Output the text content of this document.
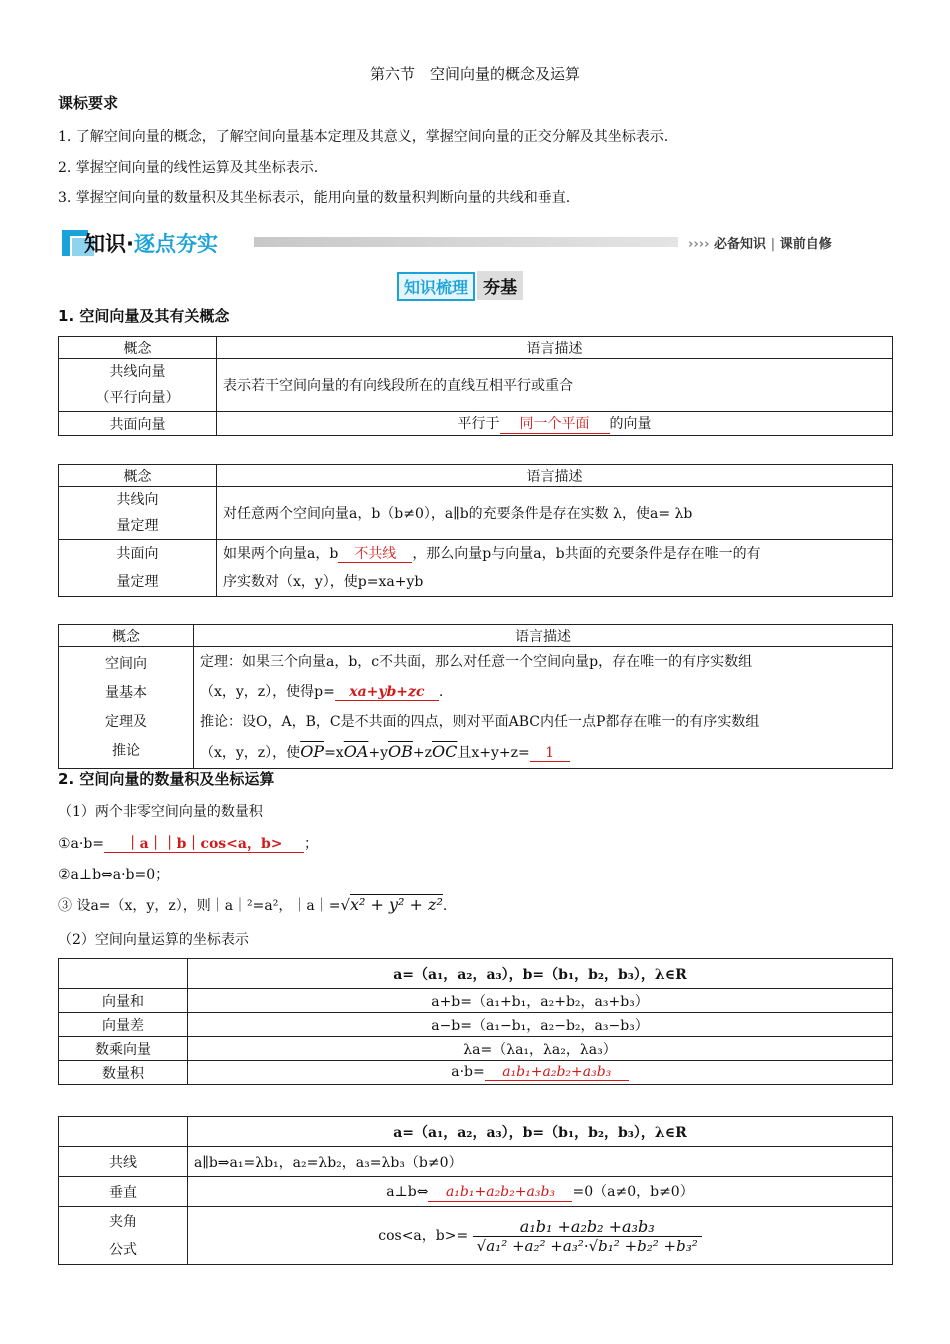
第六节　空间向量的概念及运算
课标要求
1. 了解空间向量的概念，了解空间向量基本定理及其意义，掌握空间向量的正交分解及其坐标表示.
2. 掌握空间向量的线性运算及其坐标表示.
3. 掌握空间向量的数量积及其坐标表示，能用向量的数量积判断向量的共线和垂直.
知识·逐点夯实	›››› 必备知识 | 课前自修
知识梳理 夯基
1. 空间向量及其有关概念
概念	语言描述
共线向量
（平行向量）	表示若干空间向量的有向线段所在的直线互相平行或重合
共面向量	平行于 同一个平面 的向量
概念	语言描述
共线向
量定理	对任意两个空间向量a，b（b≠0），a∥b的充要条件是存在实数 λ，使a= λb
共面向
量定理	如果两个向量a，b 不共线 ，那么向量p与向量a，b共面的充要条件是存在唯一的有
序实数对（x，y），使p=xa+yb
概念	语言描述
空间向
量基本
定理及
推论	定理：如果三个向量a，b，c不共面，那么对任意一个空间向量p，存在唯一的有序实数组
（x，y，z），使得p= xa+yb+zc .
推论：设O，A，B，C是不共面的四点，则对平面ABC内任一点P都存在唯一的有序实数组
（x，y，z），使$\overline{OP}=x\overline{OA}+y\overline{OB}+z\overline{OC}$且x+y+z= 1
2. 空间向量的数量积及坐标运算
（1）两个非零空间向量的数量积
①a·b= ｜a｜｜b｜cos<a，b> ；
②a⊥b⇔a·b=0；
③ 设a=（x，y，z），则｜a｜²=a²，｜a｜=√x² + y² + z².
（2）空间向量运算的坐标表示
	a=（a₁，a₂，a₃），b=（b₁，b₂，b₃），λ∈R
向量和	a+b=（a₁+b₁，a₂+b₂，a₃+b₃）
向量差	a−b=（a₁−b₁，a₂−b₂，a₃−b₃）
数乘向量	λa=（λa₁，λa₂，λa₃）
数量积	a·b= a₁b₁+a₂b₂+a₃b₃
	a=（a₁，a₂，a₃），b=（b₁，b₂，b₃），λ∈R
共线	a∥b⇒a₁=λb₁，a₂=λb₂，a₃=λb₃（b≠0）
垂直	a⊥b⇔ a₁b₁+a₂b₂+a₃b₃ =0（a≠0，b≠0）
夹角
公式	cos<a，$b>= \frac{\text{a₁b₁ +a₂b₂ +a₃b₃}}{\text{√a₁² +a₂² +a₃²·√b₁² +b₂² +b₃²}}$
